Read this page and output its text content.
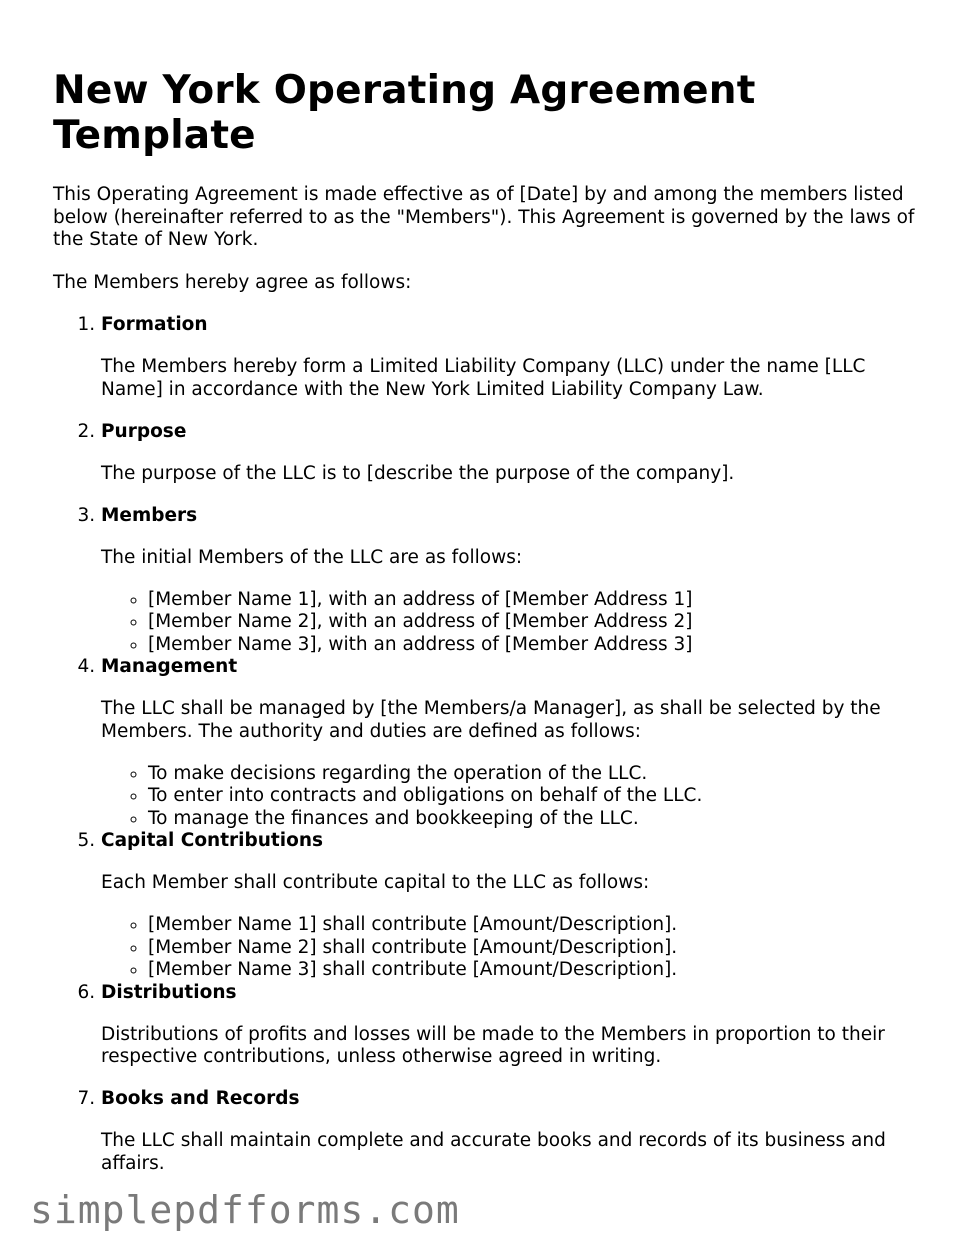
New York Operating Agreement Template

This Operating Agreement is made effective as of [Date] by and among the members listed below (hereinafter referred to as the "Members"). This Agreement is governed by the laws of the State of New York.

The Members hereby agree as follows:

1. Formation

The Members hereby form a Limited Liability Company (LLC) under the name [LLC Name] in accordance with the New York Limited Liability Company Law.

2. Purpose

The purpose of the LLC is to [describe the purpose of the company].

3. Members

The initial Members of the LLC are as follows:

◦ [Member Name 1], with an address of [Member Address 1]
◦ [Member Name 2], with an address of [Member Address 2]
◦ [Member Name 3], with an address of [Member Address 3]
4. Management

The LLC shall be managed by [the Members/a Manager], as shall be selected by the Members. The authority and duties are defined as follows:

◦ To make decisions regarding the operation of the LLC.
◦ To enter into contracts and obligations on behalf of the LLC.
◦ To manage the finances and bookkeeping of the LLC.
5. Capital Contributions

Each Member shall contribute capital to the LLC as follows:

◦ [Member Name 1] shall contribute [Amount/Description].
◦ [Member Name 2] shall contribute [Amount/Description].
◦ [Member Name 3] shall contribute [Amount/Description].
6. Distributions

Distributions of profits and losses will be made to the Members in proportion to their respective contributions, unless otherwise agreed in writing.

7. Books and Records

The LLC shall maintain complete and accurate books and records of its business and affairs.

simplepdfforms.com
